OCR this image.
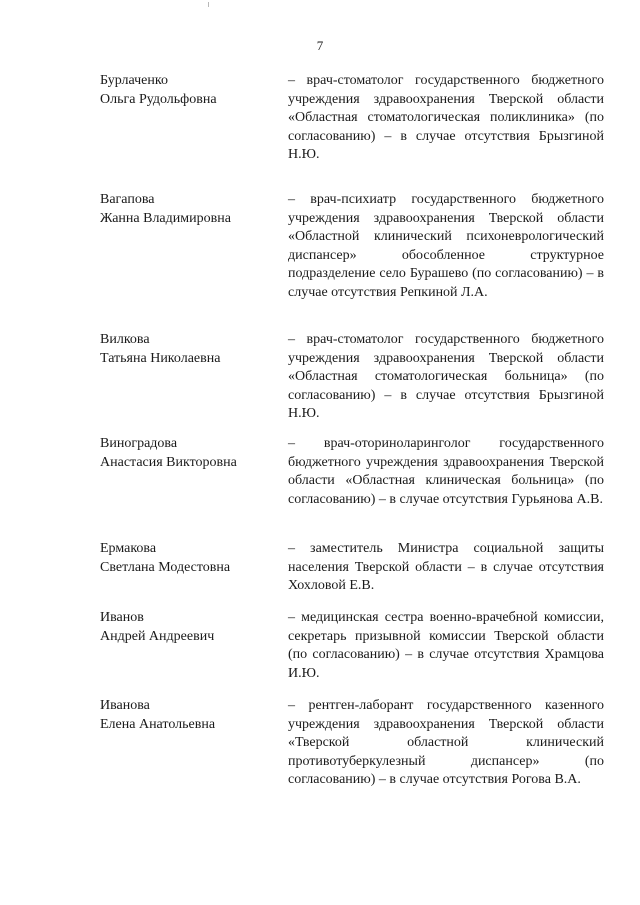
7
Бурлаченко
Ольга Рудольфовна
– врач-стоматолог государственного бюджетного учреждения здравоохранения Тверской области «Областная стоматологическая поликлиника» (по согласованию) – в случае отсутствия Брызгиной Н.Ю.
Вагапова
Жанна Владимировна
– врач-психиатр государственного бюджетного учреждения здравоохранения Тверской области «Областной клинический психоневрологический диспансер» обособленное структурное подразделение село Бурашево (по согласованию) – в случае отсутствия Репкиной Л.А.
Вилкова
Татьяна Николаевна
– врач-стоматолог государственного бюджетного учреждения здравоохранения Тверской области «Областная стоматологическая больница» (по согласованию) – в случае отсутствия Брызгиной Н.Ю.
Виноградова
Анастасия Викторовна
– врач-оториноларинголог государственного бюджетного учреждения здравоохранения Тверской области «Областная клиническая больница» (по согласованию) – в случае отсутствия Гурьянова А.В.
Ермакова
Светлана Модестовна
– заместитель Министра социальной защиты населения Тверской области – в случае отсутствия Хохловой Е.В.
Иванов
Андрей Андреевич
– медицинская сестра военно-врачебной комиссии, секретарь призывной комиссии Тверской области (по согласованию) – в случае отсутствия Храмцова И.Ю.
Иванова
Елена Анатольевна
– рентген-лаборант государственного казенного учреждения здравоохранения Тверской области «Тверской областной клинический противотуберкулезный диспансер» (по согласованию) – в случае отсутствия Рогова В.А.
